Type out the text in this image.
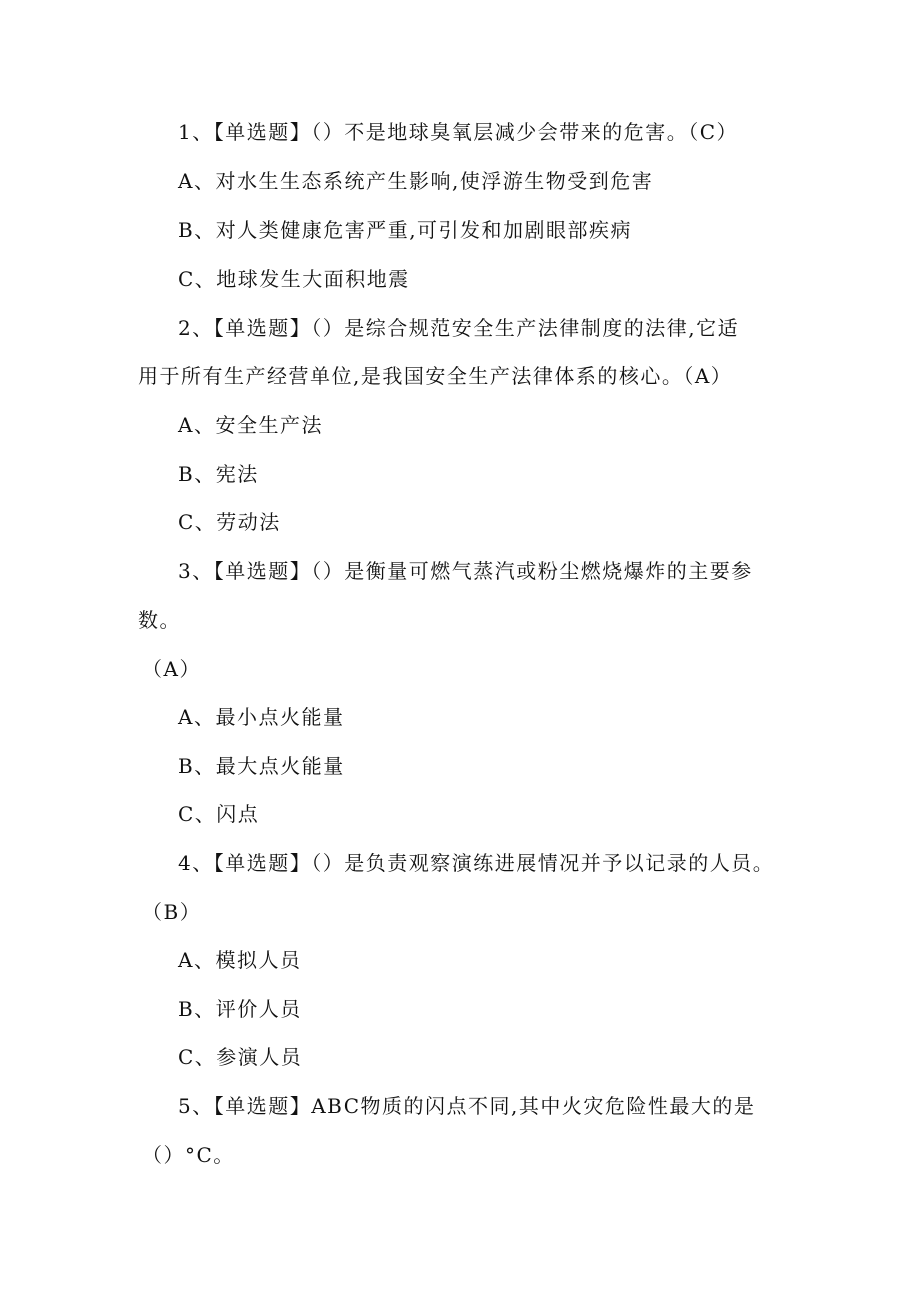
1、【单选题】（）不是地球臭氧层减少会带来的危害。（C）
A、对水生生态系统产生影响,使浮游生物受到危害
B、对人类健康危害严重,可引发和加剧眼部疾病
C、地球发生大面积地震
2、【单选题】（）是综合规范安全生产法律制度的法律,它适
用于所有生产经营单位,是我国安全生产法律体系的核心。（A）
A、安全生产法
B、宪法
C、劳动法
3、【单选题】（）是衡量可燃气蒸汽或粉尘燃烧爆炸的主要参
数。
（A）
A、最小点火能量
B、最大点火能量
C、闪点
4、【单选题】（）是负责观察演练进展情况并予以记录的人员。
（B）
A、模拟人员
B、评价人员
C、参演人员
5、【单选题】ABC物质的闪点不同,其中火灾危险性最大的是
（）°C。
